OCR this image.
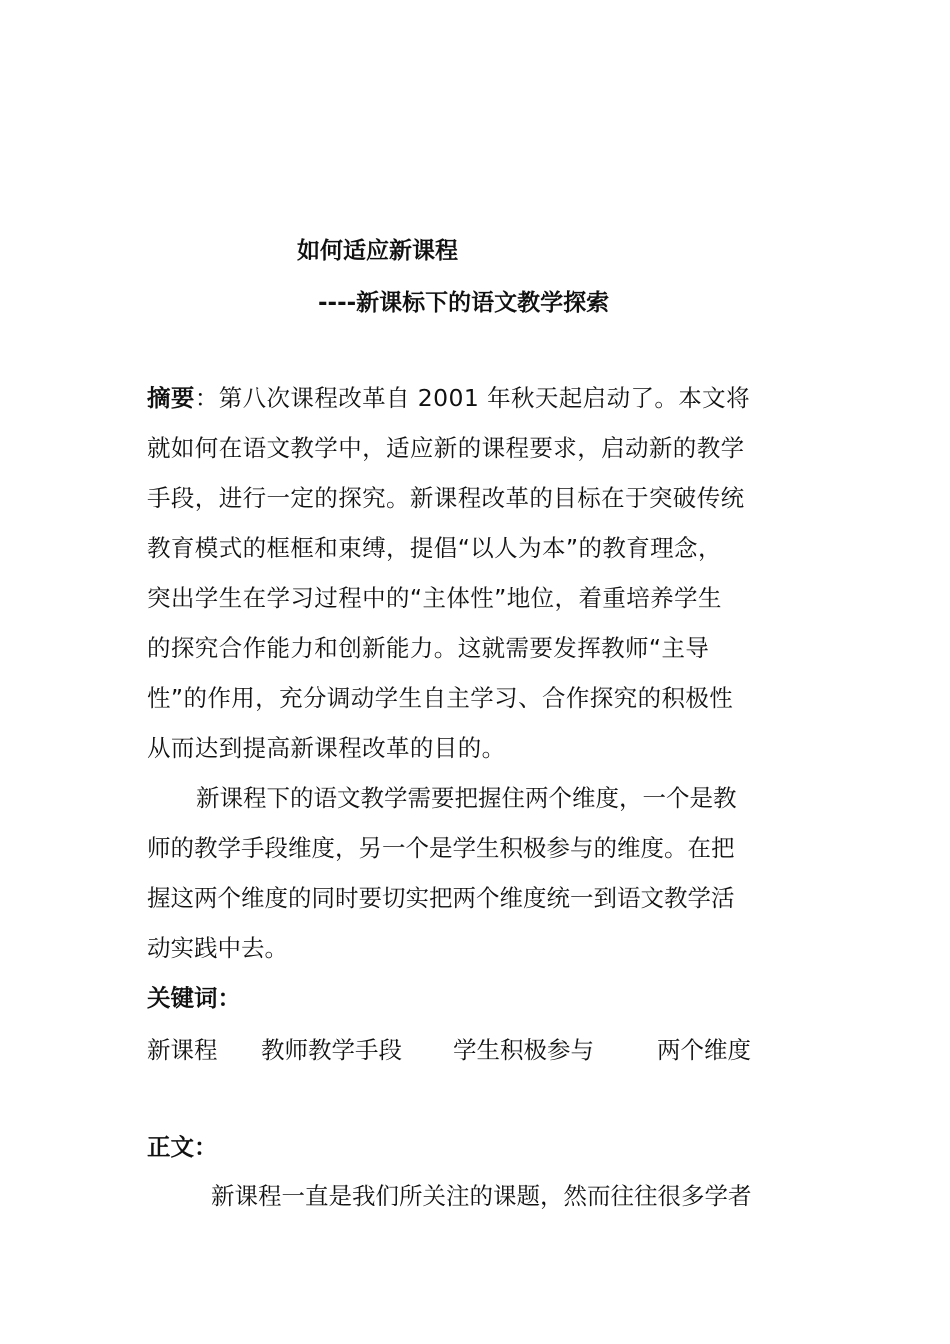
如何适应新课程
----新课标下的语文教学探索
摘要：第八次课程改革自 2001 年秋天起启动了。本文将
就如何在语文教学中，适应新的课程要求，启动新的教学
手段，进行一定的探究。新课程改革的目标在于突破传统
教育模式的框框和束缚，提倡“以人为本”的教育理念，
突出学生在学习过程中的“主体性”地位，着重培养学生
的探究合作能力和创新能力。这就需要发挥教师“主导
性”的作用，充分调动学生自主学习、合作探究的积极性
从而达到提高新课程改革的目的。
新课程下的语文教学需要把握住两个维度，一个是教
师的教学手段维度，另一个是学生积极参与的维度。在把
握这两个维度的同时要切实把两个维度统一到语文教学活
动实践中去。
关键词：
新课程 教师教学手段 学生积极参与	两个维度
正文：
新课程一直是我们所关注的课题，然而往往很多学者
